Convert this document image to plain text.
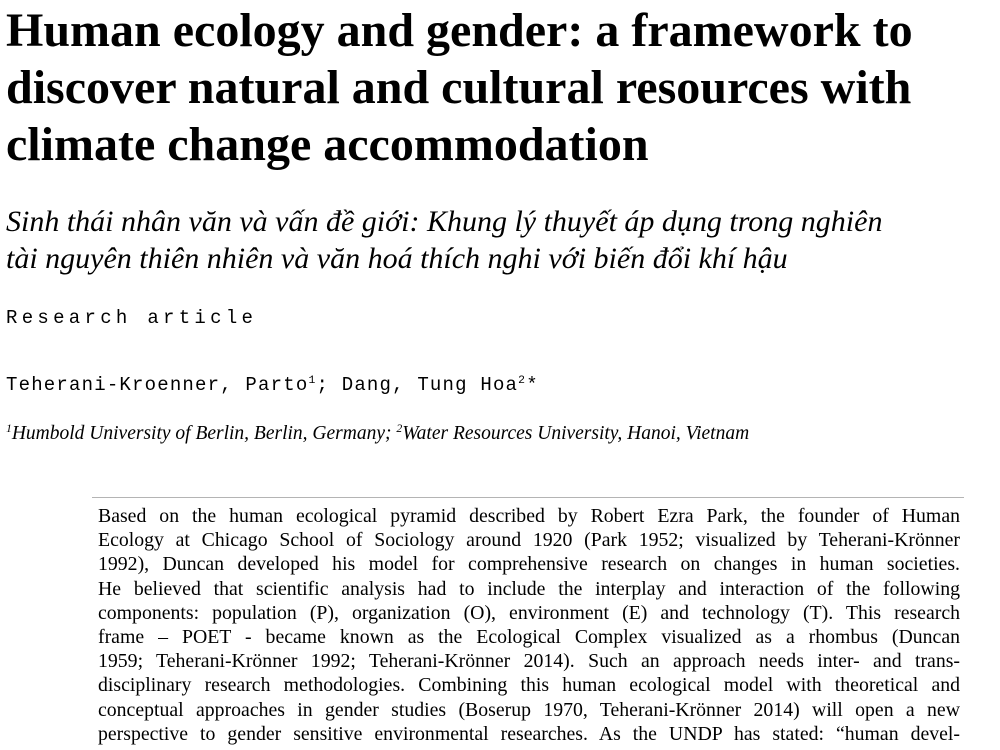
Human ecology and gender: a framework to
discover natural and cultural resources with
climate change accommodation
Sinh thái nhân văn và vấn đề giới: Khung lý thuyết áp dụng trong nghiên
tài nguyên thiên nhiên và văn hoá thích nghi với biến đổi khí hậu
Research article
Teherani-Kroenner, Parto$^1$; Dang, Tung Hoa$^2$*
$^1$Humbold University of Berlin, Berlin, Germany; $^2$Water Resources University, Hanoi, Vietnam
Based on the human ecological pyramid described by Robert Ezra Park, the founder of Human
Ecology at Chicago School of Sociology around 1920 (Park 1952; visualized by Teherani-Krönner
1992), Duncan developed his model for comprehensive research on changes in human societies.
He believed that scientific analysis had to include the interplay and interaction of the following
components: population (P), organization (O), environment (E) and technology (T). This research
frame – POET - became known as the Ecological Complex visualized as a rhombus (Duncan
1959; Teherani-Krönner 1992; Teherani-Krönner 2014). Such an approach needs inter- and trans-
disciplinary research methodologies. Combining this human ecological model with theoretical and
conceptual approaches in gender studies (Boserup 1970, Teherani-Krönner 2014) will open a new
perspective to gender sensitive environmental researches. As the UNDP has stated: “human devel-
